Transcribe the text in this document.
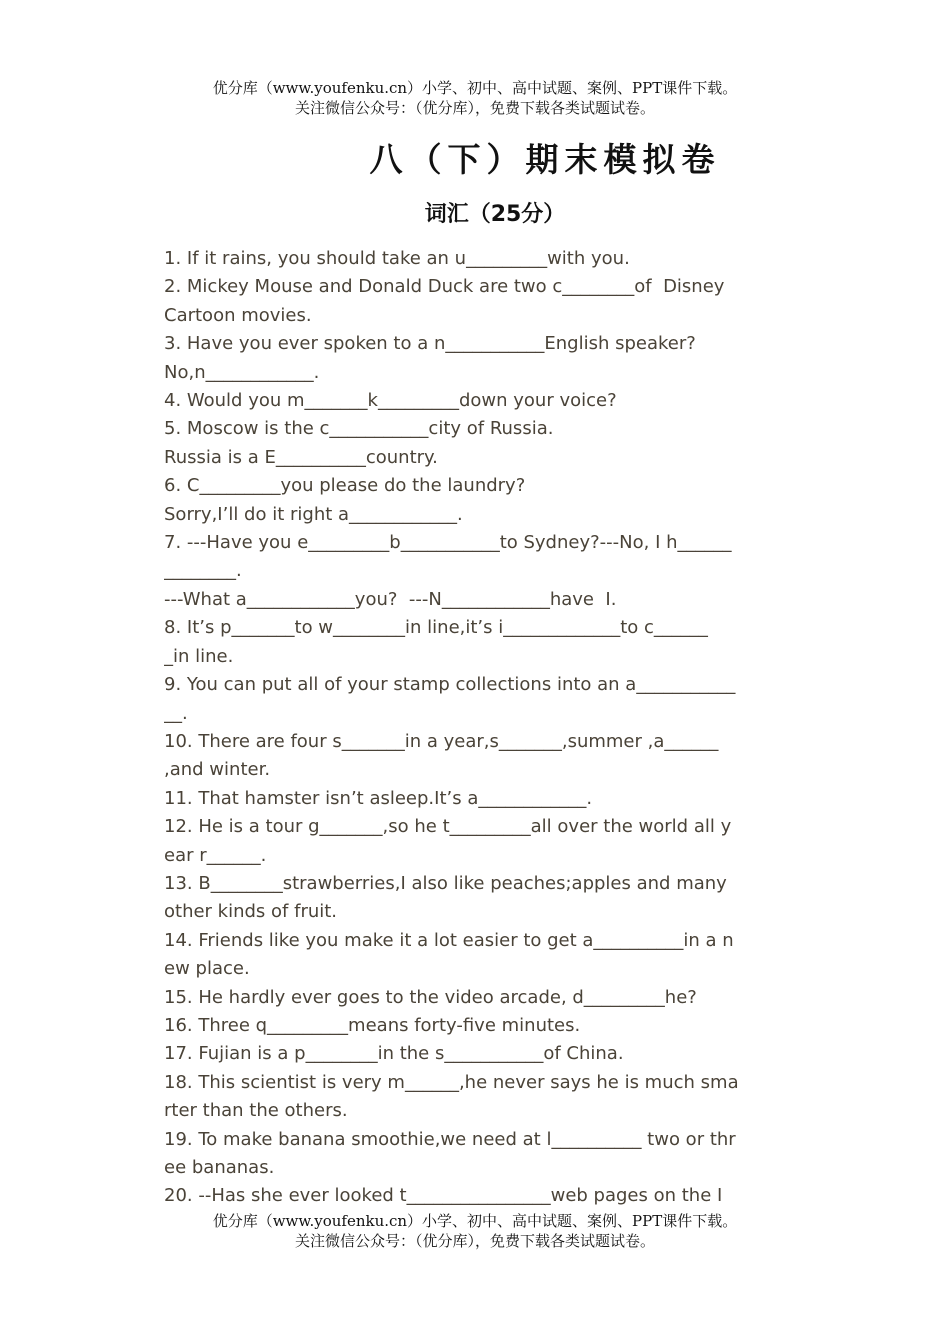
优分库（www.youfenku.cn）小学、初中、高中试题、案例、PPT课件下载。
关注微信公众号：（优分库），免费下载各类试题试卷。
八（下）期末模拟卷
词汇（25分）
1. If it rains, you should take an u_________with you.
2. Mickey Mouse and Donald Duck are two c________of  Disney
Cartoon movies.
3. Have you ever spoken to a n___________English speaker?
No,n____________.
4. Would you m_______k_________down your voice?
5. Moscow is the c___________city of Russia.
Russia is a E__________country.
6. C_________you please do the laundry?
Sorry,I’ll do it right a____________.
7. ---Have you e_________b___________to Sydney?---No, I h______
________.
---What a____________you?  ---N____________have  I.
8. It’s p_______to w________in line,it’s i_____________to c______
_in line.
9. You can put all of your stamp collections into an a___________
__.
10. There are four s_______in a year,s_______,summer ,a______
,and winter.
11. That hamster isn’t asleep.It’s a____________.
12. He is a tour g_______,so he t_________all over the world all y
ear r______.
13. B________strawberries,I also like peaches;apples and many
other kinds of fruit.
14. Friends like you make it a lot easier to get a__________in a n
ew place.
15. He hardly ever goes to the video arcade, d_________he?
16. Three q_________means forty-five minutes.
17. Fujian is a p________in the s___________of China.
18. This scientist is very m______,he never says he is much sma
rter than the others.
19. To make banana smoothie,we need at l__________ two or thr
ee bananas.
20. --Has she ever looked t________________web pages on the I
优分库（www.youfenku.cn）小学、初中、高中试题、案例、PPT课件下载。
关注微信公众号：（优分库），免费下载各类试题试卷。
